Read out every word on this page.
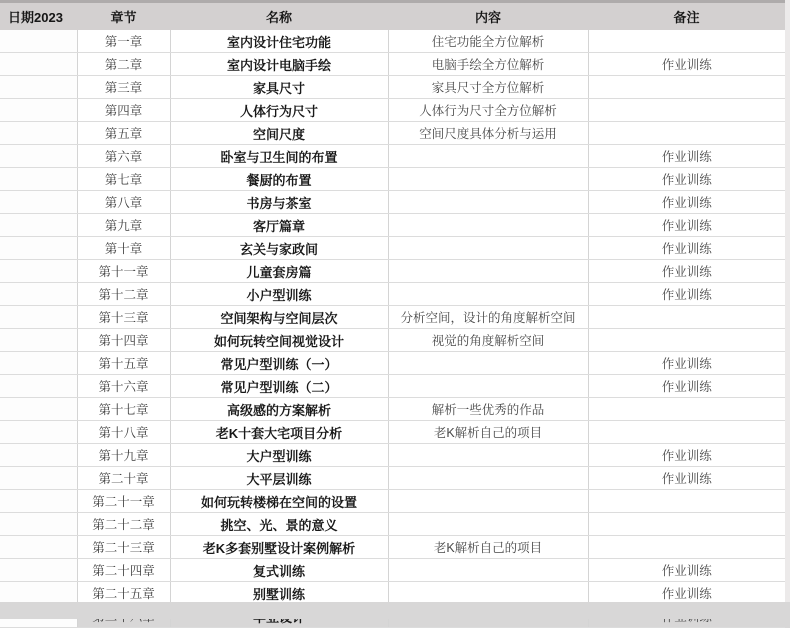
日期2023	章节	名称	内容	备注
	第一章	室内设计住宅功能	住宅功能全方位解析	
	第二章	室内设计电脑手绘	电脑手绘全方位解析	作业训练
	第三章	家具尺寸	家具尺寸全方位解析	
	第四章	人体行为尺寸	人体行为尺寸全方位解析	
	第五章	空间尺度	空间尺度具体分析与运用	
	第六章	卧室与卫生间的布置		作业训练
	第七章	餐厨的布置		作业训练
	第八章	书房与茶室		作业训练
	第九章	客厅篇章		作业训练
	第十章	玄关与家政间		作业训练
	第十一章	儿童套房篇		作业训练
	第十二章	小户型训练		作业训练
	第十三章	空间架构与空间层次	分析空间，设计的角度解析空间	
	第十四章	如何玩转空间视觉设计	视觉的角度解析空间	
	第十五章	常见户型训练（一）		作业训练
	第十六章	常见户型训练（二）		作业训练
	第十七章	高级感的方案解析	解析一些优秀的作品	
	第十八章	老K十套大宅项目分析	老K解析自己的项目	
	第十九章	大户型训练		作业训练
	第二十章	大平层训练		作业训练
	第二十一章	如何玩转楼梯在空间的设置		
	第二十二章	挑空、光、景的意义		
	第二十三章	老K多套别墅设计案例解析	老K解析自己的项目	
	第二十四章	复式训练		作业训练
	第二十五章	别墅训练		作业训练
